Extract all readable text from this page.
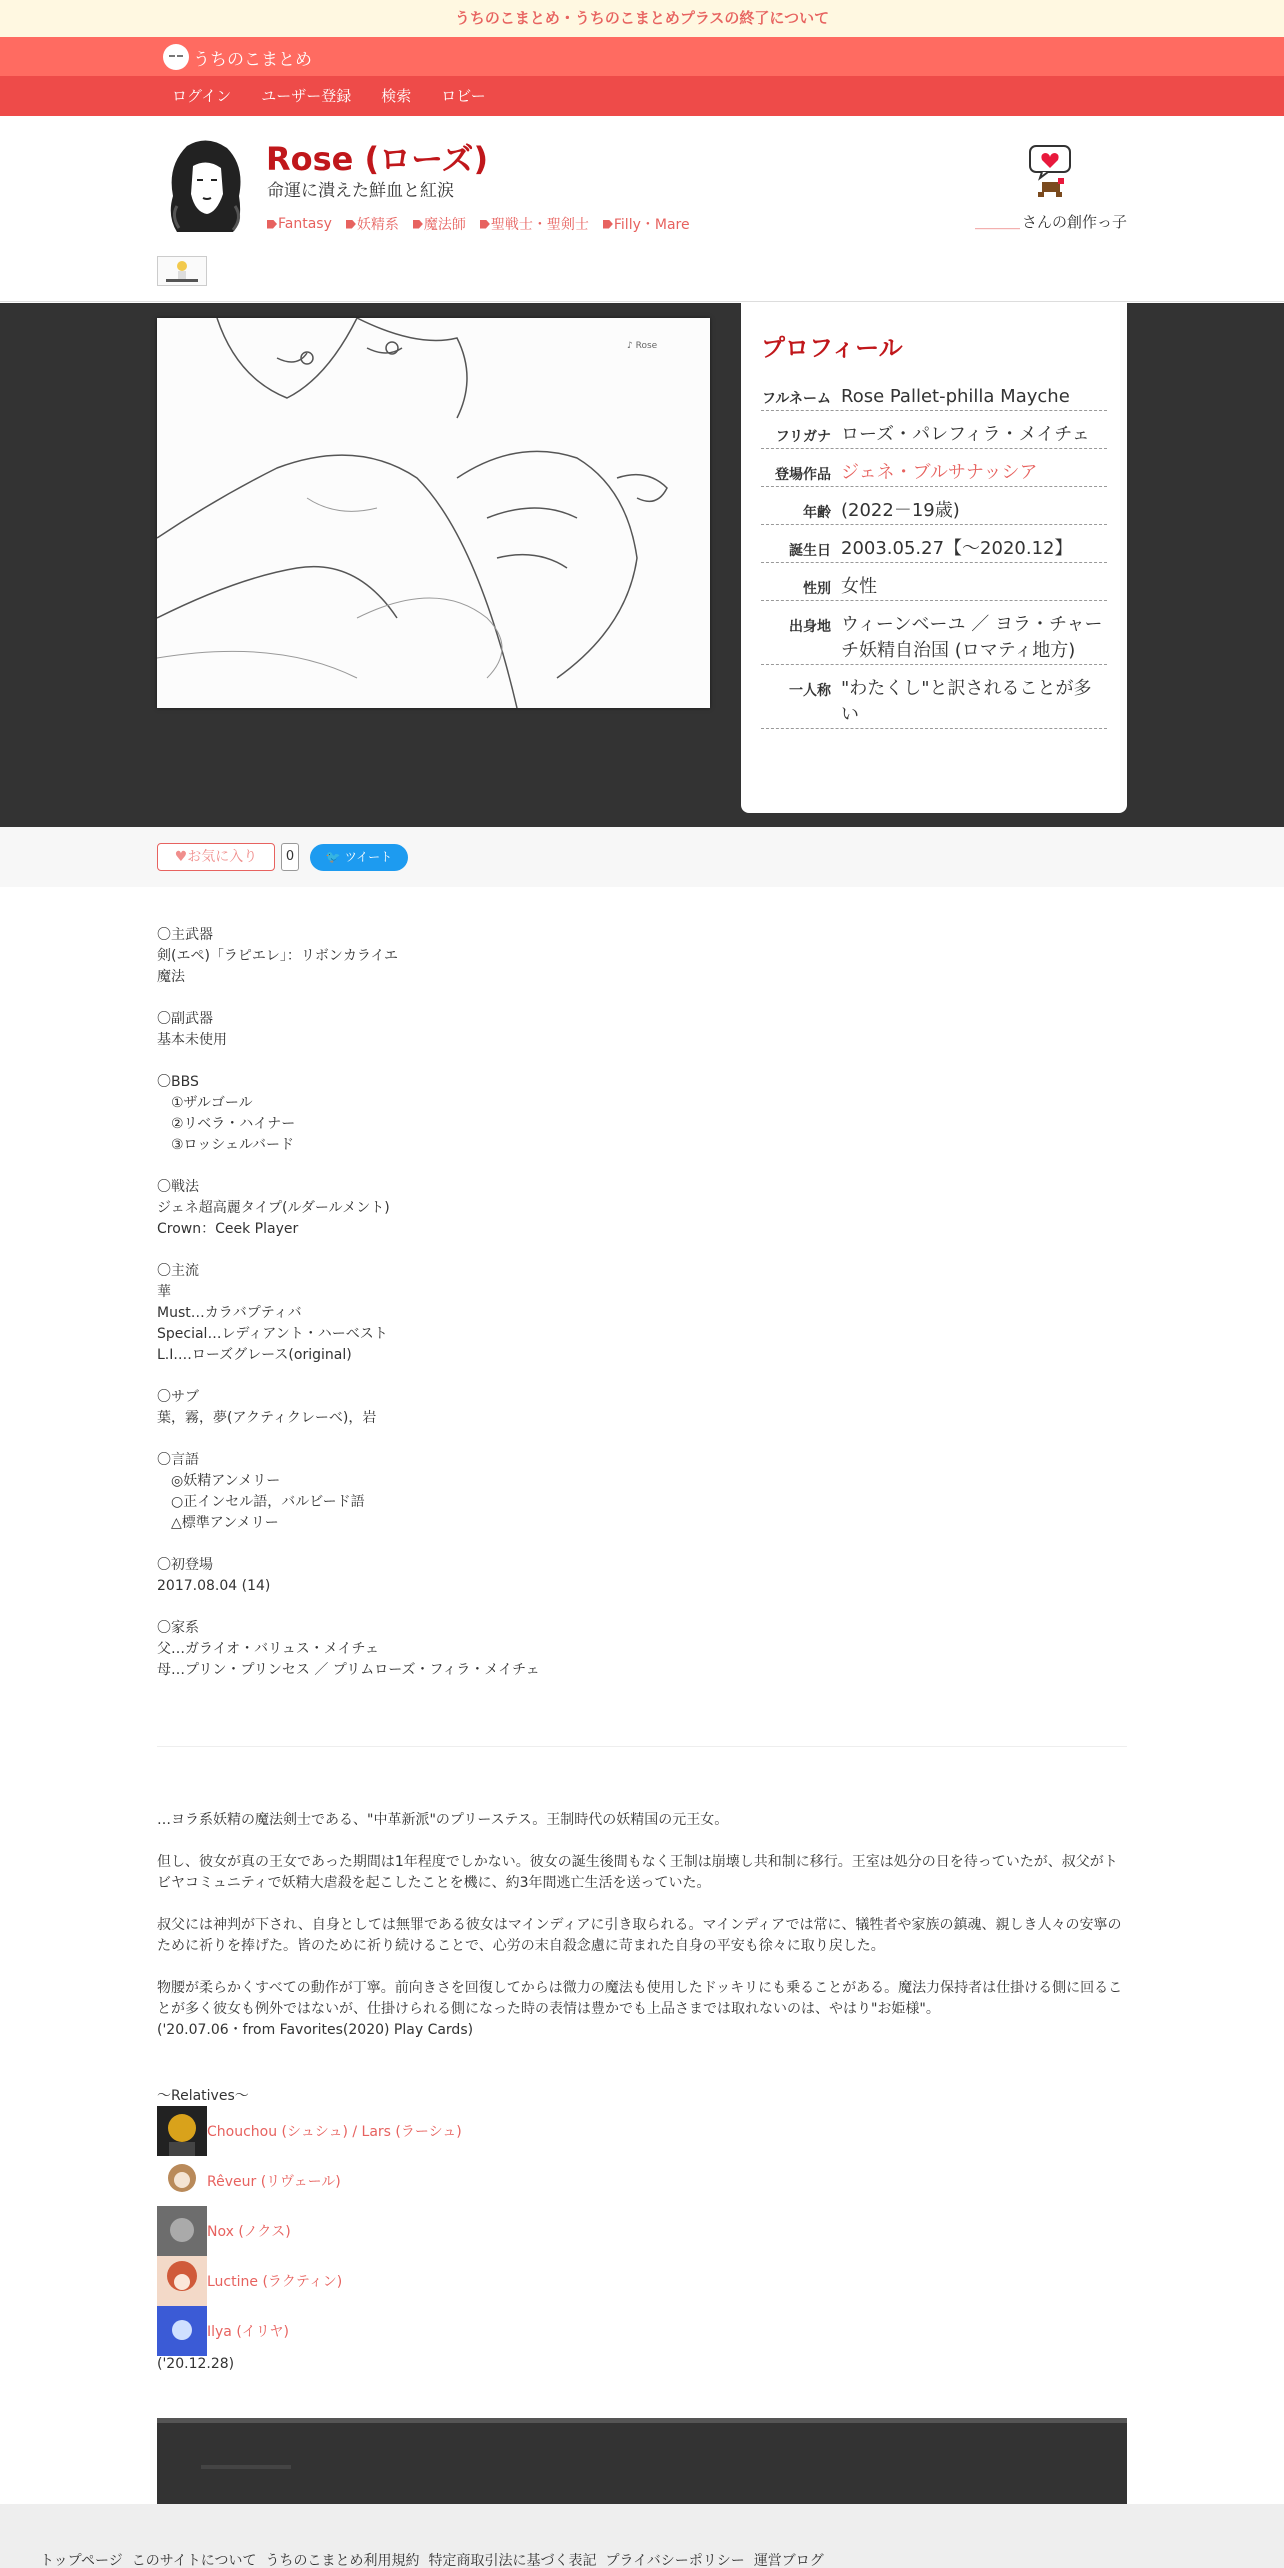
うちのこまとめ・うちのこまとめプラスの終了について
うちのこまとめ
ログイン	ユーザー登録	検索	ロビー
Rose (ローズ)
命運に潰えた鮮血と紅涙
Fantasy 妖精系 魔法師 聖戦士・聖剣士 Filly・Mare	＿＿＿ さんの創作っ子
♪ Rose	プロフィール
フルネーム Rose Pallet-philla Mayche
フリガナ ローズ・パレフィラ・メイチェ
登場作品 ジェネ・ブルサナッシア
年齢 (2022－19歳)
誕生日 2003.05.27【～2020.12】
性別 女性
出身地 ウィーンベーユ ／ ヨラ・チャーチ妖精自治国 (ロマティ地方)
一人称 "わたくし"と訳されることが多い
♥お気に入り	0	🐦 ツイート
〇主武器
剣(エペ)「ラピエレ」：リボンカライエ
魔法

〇副武器
基本未使用

〇BBS
　①ザルゴール
　②リベラ・ハイナー
　③ロッシェルバード

〇戦法
ジェネ超高麗タイプ(ルダールメント)
Crown：Ceek Player

〇主流
華
Must…カラバプティバ
Special…レディアント・ハーベスト
L.I.…ローズグレース(original)

〇サブ
葉，霧，夢(アクティクレーベ)，岩

〇言語
　◎妖精アンメリー
　○正インセル語，バルビード語
　△標準アンメリー

〇初登場
2017.08.04 (14)

〇家系
父…ガライオ・バリュス・メイチェ
母…プリン・プリンセス ／ プリムローズ・フィラ・メイチェ

…ヨラ系妖精の魔法剣士である、"中革新派"のプリーステス。王制時代の妖精国の元王女。

但し、彼女が真の王女であった期間は1年程度でしかない。彼女の誕生後間もなく王制は崩壊し共和制に移行。王室は処分の日を待っていたが、叔父がトビヤコミュニティで妖精大虐殺を起こしたことを機に、約3年間逃亡生活を送っていた。

叔父には神判が下され、自身としては無罪である彼女はマインディアに引き取られる。マインディアでは常に、犠牲者や家族の鎮魂、親しき人々の安寧のために祈りを捧げた。皆のために祈り続けることで、心労の末自殺念慮に苛まれた自身の平安も徐々に取り戻した。

物腰が柔らかくすべての動作が丁寧。前向きさを回復してからは微力の魔法も使用したドッキリにも乗ることがある。魔法力保持者は仕掛ける側に回ることが多く彼女も例外ではないが、仕掛けられる側になった時の表情は豊かでも上品さまでは取れないのは、やはり"お姫様"。
('20.07.06・from Favorites(2020) Play Cards)

～Relatives～
Chouchou (シュシュ) / Lars (ラーシュ)
Rêveur (リヴェール)
Nox (ノクス)
Luctine (ラクティン)
Ilya (イリヤ)
('20.12.28)
トップページ このサイトについて うちのこまとめ利用規約 特定商取引法に基づく表記 プライバシーポリシー 運営ブログ
